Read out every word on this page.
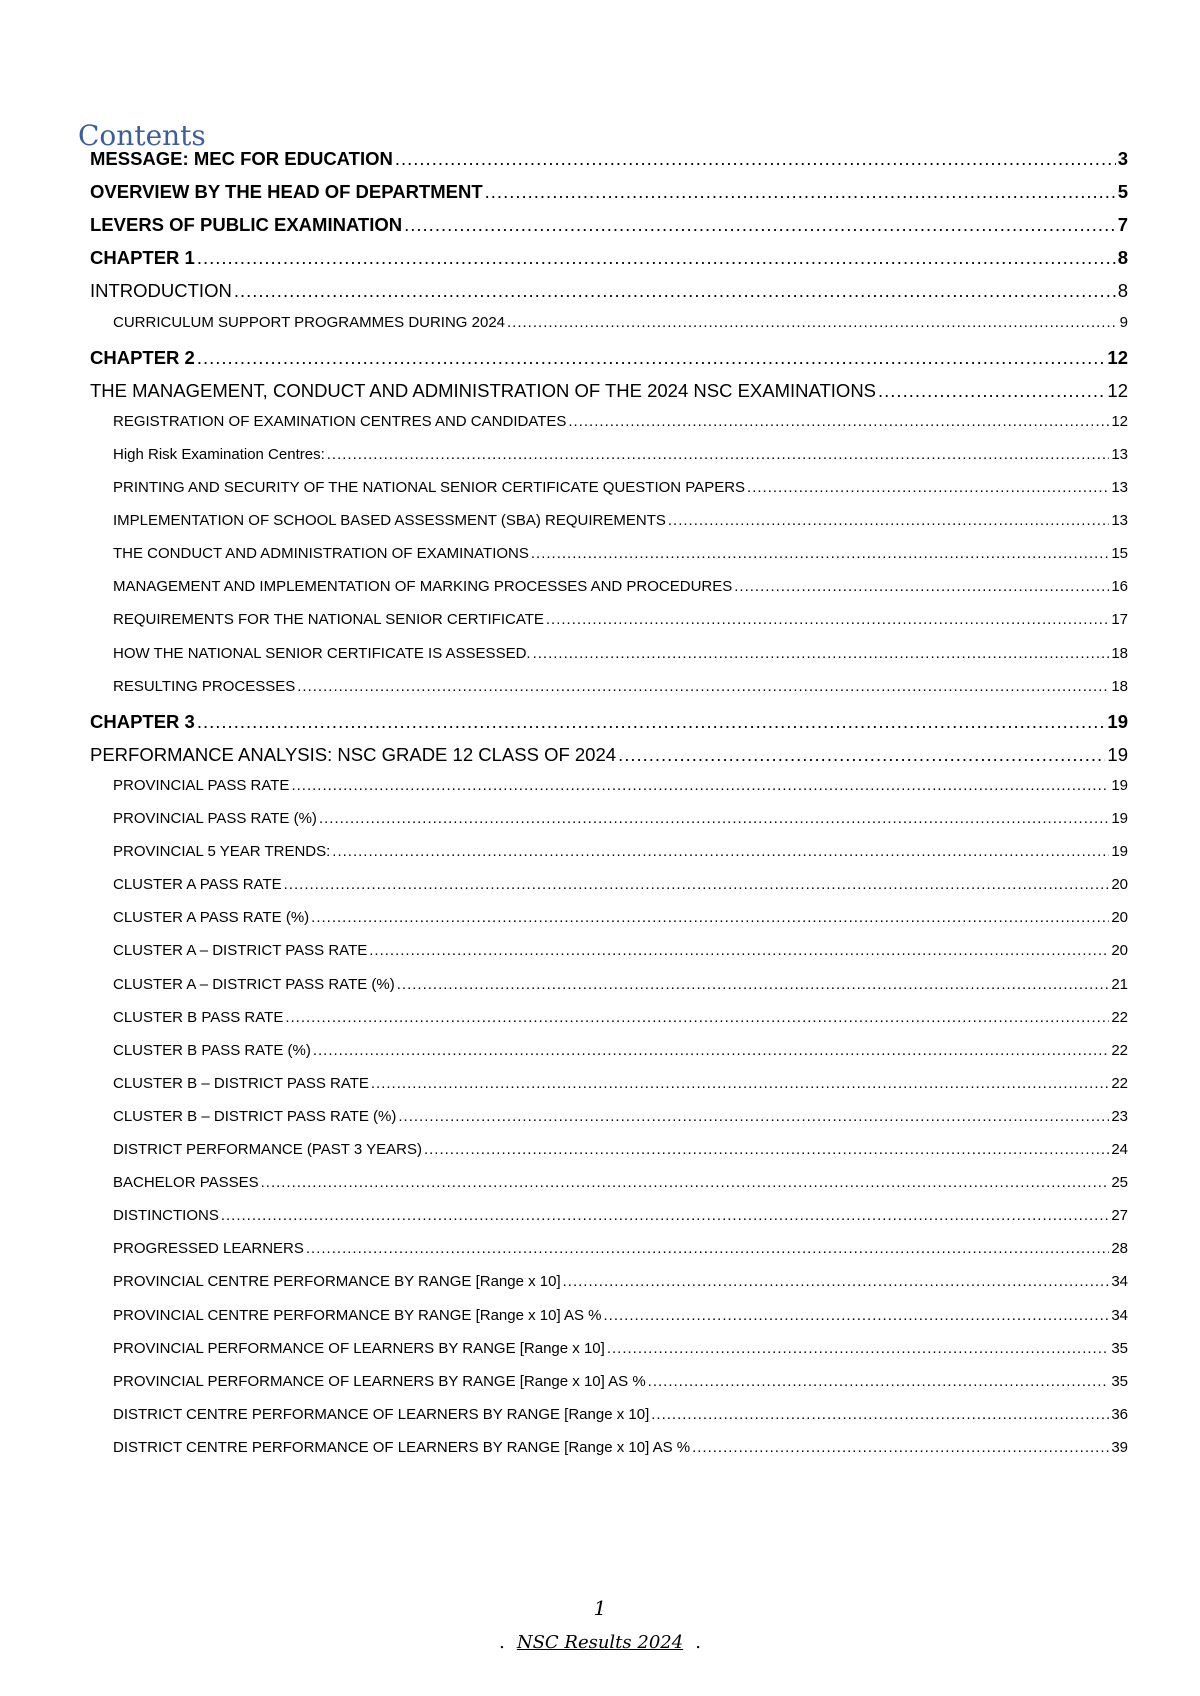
Contents
MESSAGE: MEC FOR EDUCATION .....	3
OVERVIEW BY THE HEAD OF DEPARTMENT .....	5
LEVERS OF PUBLIC EXAMINATION .....	7
CHAPTER 1 .....	8
INTRODUCTION .....	8
CURRICULUM SUPPORT PROGRAMMES DURING 2024 .....	9
CHAPTER 2 .....	12
THE MANAGEMENT, CONDUCT AND ADMINISTRATION OF THE 2024 NSC EXAMINATIONS .....	12
REGISTRATION OF EXAMINATION CENTRES AND CANDIDATES .....	12
High Risk Examination Centres: .....	13
PRINTING AND SECURITY OF THE NATIONAL SENIOR CERTIFICATE QUESTION PAPERS .....	13
IMPLEMENTATION OF SCHOOL BASED ASSESSMENT (SBA) REQUIREMENTS .....	13
THE CONDUCT AND ADMINISTRATION OF EXAMINATIONS .....	15
MANAGEMENT AND IMPLEMENTATION OF MARKING PROCESSES AND PROCEDURES .....	16
REQUIREMENTS FOR THE NATIONAL SENIOR CERTIFICATE .....	17
HOW THE NATIONAL SENIOR CERTIFICATE IS ASSESSED. .....	18
RESULTING PROCESSES .....	18
CHAPTER 3 .....	19
PERFORMANCE ANALYSIS: NSC GRADE 12 CLASS OF 2024 .....	19
PROVINCIAL PASS RATE .....	19
PROVINCIAL PASS RATE (%) .....	19
PROVINCIAL 5 YEAR TRENDS: .....	19
CLUSTER A PASS RATE .....	20
CLUSTER A PASS RATE (%) .....	20
CLUSTER A – DISTRICT PASS RATE .....	20
CLUSTER A – DISTRICT PASS RATE (%) .....	21
CLUSTER B PASS RATE .....	22
CLUSTER B PASS RATE (%) .....	22
CLUSTER B – DISTRICT PASS RATE .....	22
CLUSTER B – DISTRICT PASS RATE (%) .....	23
DISTRICT PERFORMANCE (PAST 3 YEARS) .....	24
BACHELOR PASSES .....	25
DISTINCTIONS .....	27
PROGRESSED LEARNERS .....	28
PROVINCIAL CENTRE PERFORMANCE BY RANGE [Range x 10] .....	34
PROVINCIAL CENTRE PERFORMANCE BY RANGE [Range x 10] AS % .....	34
PROVINCIAL PERFORMANCE OF LEARNERS BY RANGE [Range x 10] .....	35
PROVINCIAL PERFORMANCE OF LEARNERS BY RANGE [Range x 10] AS % .....	35
DISTRICT CENTRE PERFORMANCE OF LEARNERS BY RANGE [Range x 10] .....	36
DISTRICT CENTRE PERFORMANCE OF LEARNERS BY RANGE [Range x 10] AS % .....	39
1
. NSC Results 2024 .
